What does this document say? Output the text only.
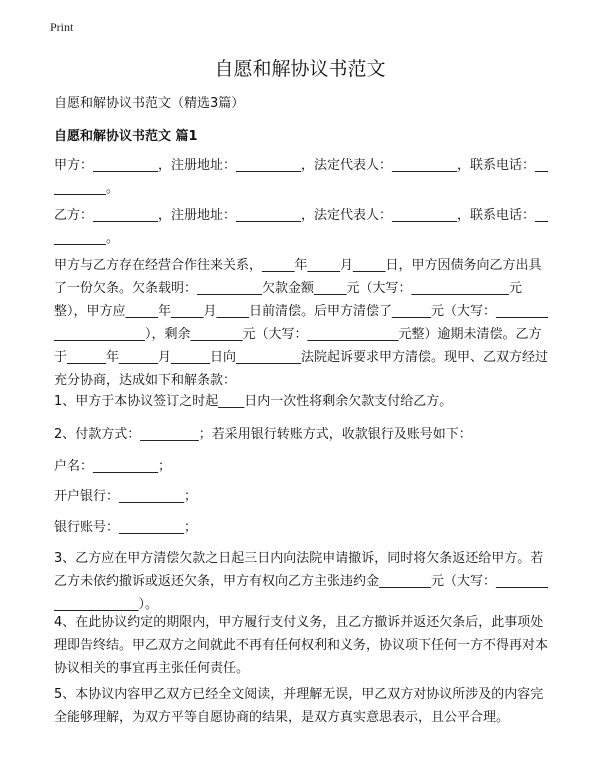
Print
自愿和解协议书范文

自愿和解协议书范文（精选3篇）

自愿和解协议书范文 篇1

甲方：__________，注册地址：__________，法定代表人：__________，联系电话：__________。

乙方：__________，注册地址：__________，法定代表人：__________，联系电话：__________。

甲方与乙方存在经营合作往来关系，_____年_____月_____日，甲方因债务向乙方出具了一份欠条。欠条载明：__________欠款金额_____元（大写：_______________元整），甲方应_____年_____月_____日前清偿。后甲方清偿了______元（大写：______________________），剩余________元（大写：______________元整）逾期未清偿。乙方于______年______月______日向__________法院起诉要求甲方清偿。现甲、乙双方经过充分协商，达成如下和解条款：

1、甲方于本协议签订之时起____日内一次性将剩余欠款支付给乙方。

2、付款方式：_________；若采用银行转账方式，收款银行及账号如下：

户名：__________；

开户银行：__________；

银行账号：__________；

3、乙方应在甲方清偿欠款之日起三日内向法院申请撤诉，同时将欠条返还给甲方。若乙方未依约撤诉或返还欠条，甲方有权向乙方主张违约金________元（大写：_____________________）。

4、在此协议约定的期限内，甲方履行支付义务，且乙方撤诉并返还欠条后，此事项处理即告终结。甲乙双方之间就此不再有任何权利和义务，协议项下任何一方不得再对本协议相关的事宜再主张任何责任。

5、本协议内容甲乙双方已经全文阅读，并理解无误，甲乙双方对协议所涉及的内容完全能够理解，为双方平等自愿协商的结果，是双方真实意思表示，且公平合理。
